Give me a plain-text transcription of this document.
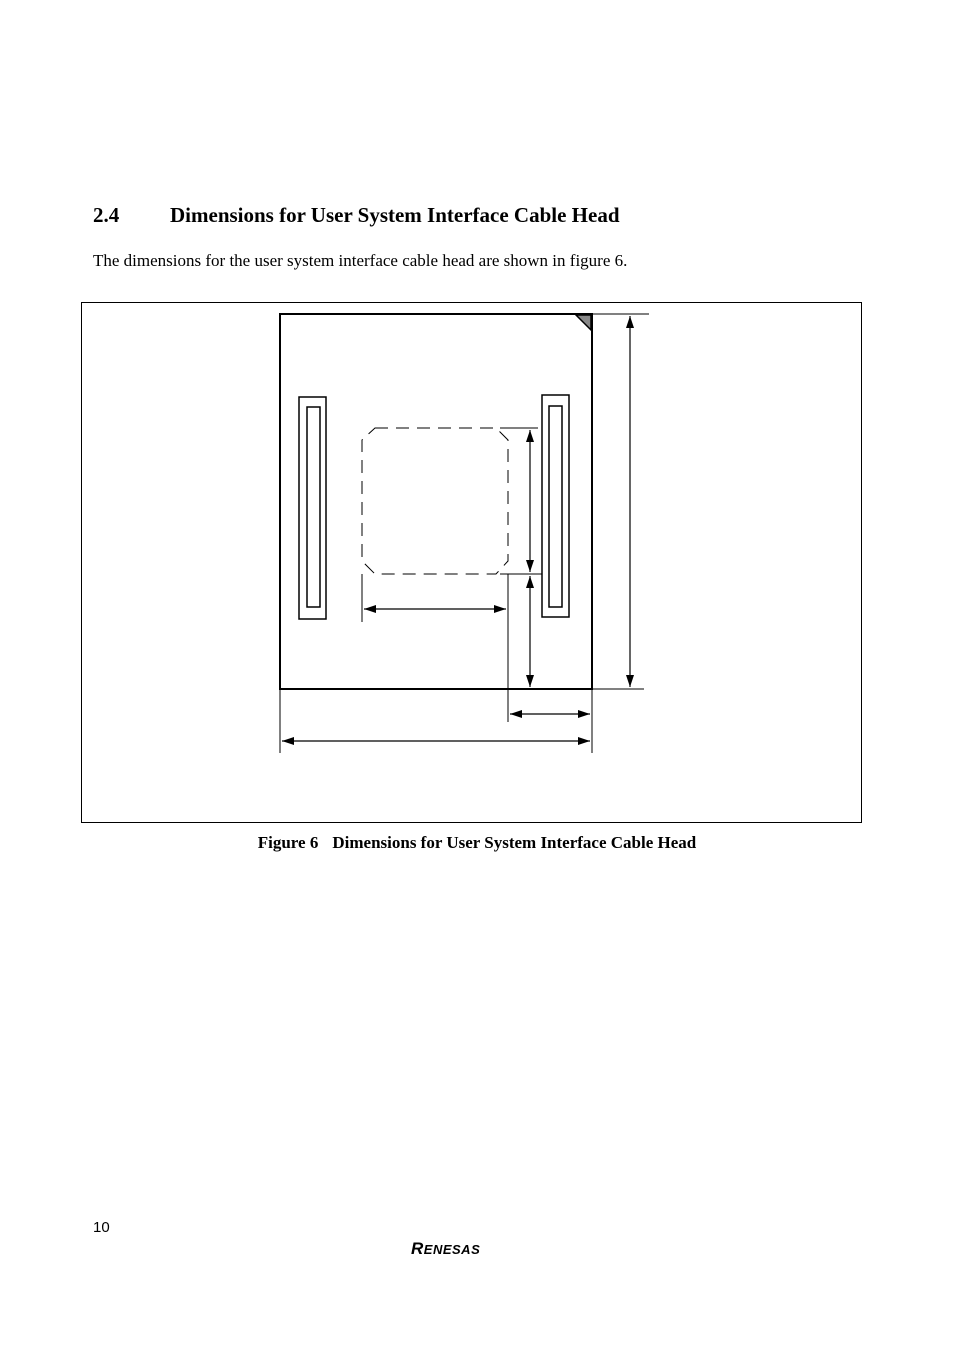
2.4 Dimensions for User System Interface Cable Head
The dimensions for the user system interface cable head are shown in figure 6.
Figure 6 Dimensions for User System Interface Cable Head
10
RENESAS
